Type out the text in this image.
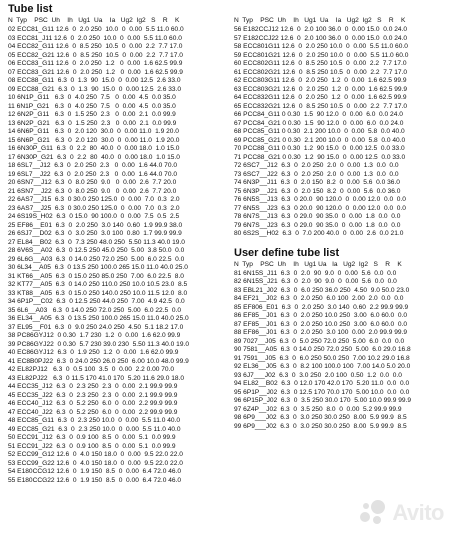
Tube list
N  Typ    PSC  Uh    Ih   Ug1  Ua    Ia   Ug2  Ig2   S    R    K
02 ECC81_G11 12.6  0  2.0 250  10.0  0  0.00  5.5 11.0 60.0
03 ECC81_J11 12.6  0  2.0 250  10.0  0  0.00  5.5 11.0 60.0
04 ECC82_G11 12.6  0  8.5 250  10.5  0  0.00  2.2  7.7 17.0
05 ECC82_G21 12.6  0  8.5 250  10.5  0  0.00  2.2  7.7 17.0
06 ECC83_G11 12.6  0  2.0 250  1.2   0  0.00  1.6 62.5 99.9
07 ECC83_G21 12.6  0  2.0 250  1.2   0  0.00  1.6 62.5 99.9
08 ECC88_G11  6.3  0  1.3  90  15.0  0  0.00 12.5  2.6 33.0
09 ECC88_G21  6.3  0  1.3  90  15.0  0  0.00 12.5  2.6 33.0
10 6N1P_G11   6.3  0  4.0 250  7.5   0  0.00  4.5  0.0 35.0
11 6N1P_G21   6.3  0  4.0 250  7.5   0  0.00  4.5  0.0 35.0
12 6N2P_G11   6.3  0  1.5 250  2.3   0  0.00  2.1  0.0 99.9
13 6N2P_G21   6.3  0  1.5 250  2.3   0  0.00  2.1  0.0 99.9
14 6N6P_G11   6.3  0  2.0 120  30.0  0  0.00 11.0  1.9 20.0
15 6N6P_G21   6.3  0  2.0 120  30.0  0  0.00 11.0  1.9 20.0
16 6N30P_G11  6.3  0  2.2  80  40.0  0  0.00 18.0  1.0 15.0
17 6N30P_G21  6.3  0  2.2  80  40.0  0  0.00 18.0  1.0 15.0
18 6SL7__J12  6.3  0  2.0 250  2.3   0  0.00  1.6 44.0 70.0
19 6SL7__J22  6.3  0  2.0 250  2.3   0  0.00  1.6 44.0 70.0
20 6SN7__J12  6.3  0  8.0 250  9.0   0  0.00  2.6  7.7 20.0
21 6SN7__J22  6.3  0  8.0 250  9.0   0  0.00  2.6  7.7 20.0
22 6AS7__J15  6.3  0 30.0 250 125.0  0  0.00  7.0  0.3  2.0
23 6AS7__J25  6.3  0 30.0 250 125.0  0  0.00  7.0  0.3  2.0
24 6S19S_H02  6.3  0 15.0  90 100.0  0  0.00  7.5  0.5  2.5
25 EF86__E01  6.3  0  2.0 250  3.0 140  0.60  1.9 99.9 38.0
26 6SJ7__D02  6.3  0  3.0 250  3.0 100  0.80  1.7 99.9 99.9
27 EL84__B02  6.3  0  7.3 250 48.0 250  5.50 11.3 40.0 19.0
28 6V6S__A02  6.3  0 12.5 250 45.0 250  5.00  3.8 50.0  0.0
29 6L6G__A03  6.3  0 14.0 250 72.0 250  5.00  6.0 22.5  0.0
30 6L34__A05  6.3  0 13.5 250 100.0 265 15.0 11.0 40.0 25.0
31 KT66__A05  6.3  0 15.0 250 85.0 250  7.00  6.0 22.5  8.0
32 KT77__A05  6.3  0 14.0 250 110.0 250 10.0 10.5 23.0  8.5
33 KT88__A05  6.3  0 15.0 250 140.0 250 10.0 11.5 12.0  8.0
34 6P1P__C02  6.3  0 12.5 250 44.0 250  7.00  4.9 42.5  0.0
35 6L6__A03   6.3  0 14.0 250 72.0 250  5.00  6.0 22.5  0.0
36 EL34__A05  6.3  0 13.5 250 100.0 265 15.0 11.0 40.0 25.0
37 EL95__F01  6.3  0  9.0 250 24.0 250  4.50  5.1 18.2 17.0
38 PC86GYJ12  0 0.30  1.7 230  1.2  0  0.00  1.6 62.0 99.9
39 PC86GYJ22  0 0.30  5.7 230 39.0 230  5.50 11.3 40.0 19.0
40 EC86GYJ12  6.3  0  1.9 250  1.2  0  0.00  1.6 62.0 99.9
41 EC8B0PJ22  6.3  0 24.0 250 26.0 250  6.00 10.0 48.0 99.9
42 EL82PJ12   6.3  0  0.5 100  3.5  0  0.00  2.2 0.00 70.0
43 EL82PJ22   6.3  0 11.5 170 41.0 170  5.20 11.6 29.0 18.0
44 ECC35_J12  6.3  0  2.3 250  2.3  0  0.00  2.1 99.9 99.9
45 ECC35_J22  6.3  0  2.3 250  2.3  0  0.00  2.1 99.9 99.9
46 ECC40_J12  6.3  0  5.2 250  6.0  0  0.00  2.2 99.9 99.9
47 ECC40_J22  6.3  0  5.2 250  6.0  0  0.00  2.2 99.9 99.9
48 ECC85_G11  6.3  0  2.3 250 10.0  0  0.00  5.5 11.0 40.0
49 ECC85_G21  6.3  0  2.3 250 10.0  0  0.00  5.5 11.0 40.0
50 ECC91_J12  6.3  0  0.9 100  8.5  0  0.00  5.1  0.0 99.9
51 ECC91_J22  6.3  0  0.9 100  8.5  0  0.00  5.1  0.0 99.9
52 ECC99_G12 12.6  0  4.0 150 18.0  0  0.00  9.5 22.0 22.0
53 ECC99_G22 12.6  0  4.0 150 18.0  0  0.00  9.5 22.0 22.0
54 E180CCG12 12.6  0  1.9 150  8.5  0  0.00  6.4 72.0 46.0
55 E180CCG22 12.6  0  1.9 150  8.5  0  0.00  6.4 72.0 46.0
N  Typ    PSC  Uh    Ih   Ug1  Ua    Ia   Ug2  Ig2   S    R    K
56 E182CCJ12 12.6  0  2.0 100 36.0  0  0.00 15.0  0.0 24.0
57 E182CCJ22 12.6  0  2.0 100 36.0  0  0.00 15.0  0.0 24.0
58 ECC801G11 12.6  0  2.0 250 10.0  0  0.00  5.5 11.0 60.0
59 ECC801G21 12.6  0  2.0 250 10.0  0  0.00  5.5 11.0 60.0
60 ECC802G11 12.6  0  8.5 250 10.5  0  0.00  2.2  7.7 17.0
61 ECC802G21 12.6  0  8.5 250 10.5  0  0.00  2.2  7.7 17.0
62 ECC803G11 12.6  0  2.0 250  1.2  0  0.00  1.6 62.5 99.9
63 ECC803G21 12.6  0  2.0 250  1.2  0  0.00  1.6 62.5 99.9
64 ECC832G11 12.6  0  2.0 250  1.2  0  0.00  1.6 62.5 99.9
65 ECC832G21 12.6  0  8.5 250 10.5  0  0.00  2.2  7.7 17.0
66 PCC84_G11 0 0.30  1.5  90 12.0  0  0.00  6.0  0.0 24.0
67 PCC84_G21 0 0.30  1.5  90 12.0  0  0.00  6.0  0.0 24.0
68 PCC85_G11 0 0.30  2.1 200 10.0  0  0.00  5.8  0.0 40.0
69 PCC85_G21 0 0.30  2.1 200 10.0  0  0.00  5.8  0.0 40.0
70 PCC88_G11 0 0.30  1.2  90 15.0  0  0.00 12.5  0.0 33.0
71 PCC88_G21 0 0.30  1.2  90 15.0  0  0.00 12.5  0.0 33.0
72 6SC7__J12  6.3  0  2.0 250  2.0  0  0.00  1.3  0.0  0.0
73 6SC7__J22  6.3  0  2.0 250  2.0  0  0.00  1.3  0.0  0.0
74 6N3P__J11  6.3  0  2.0 150  8.2  0  0.00  5.6  0.0 36.0
75 6N3P__J21  6.3  0  2.0 150  8.2  0  0.00  5.6  0.0 36.0
76 6N5S__J13  6.3  0 20.0  90 120.0  0  0.00 12.0  0.0  0.0
77 6N5S__J23  6.3  0 20.0  90 120.0  0  0.00 12.0  0.0  0.0
78 6N7S__J13  6.3  0 29.0  90 35.0  0  0.00  1.8  0.0  0.0
79 6N7S__J23  6.3  0 29.0  90 35.0  0  0.00  1.8  0.0  0.0
80 6S2S__H02  6.3  0  7.0 200 40.0  0  0.00  2.6  0.0 21.0
User define tube list
N  Typ    PSC  Uh    Ih   Ug1 Ua   Ia   Ug2  Ig2   S    R    K
81 6N15S_J11  6.3  0  2.0  90  9.0  0  0.00  5.6  0.0  0.0
82 6N15S_J21  6.3  0  2.0  90  9.0  0  0.00  5.6  0.0  0.0
83 EBL21_J02  6.3  0  6.0 250 36.0 250  4.50  9.0 50.0 23.0
84 EF21__J02  6.3  0  2.0 250  6.0 100  2.00  2.0  0.0  0.0
85 EF806_E01  6.3  0  2.0 250  3.0 140  0.60  2.2 99.9 99.9
86 EF85__J01  6.3  0  2.0 250 10.0 250  3.00  6.0 60.0  0.0
87 EF85__J01  6.3  0  2.0 250 10.0 250  3.00  6.0 60.0  0.0
88 EF86__J01  6.3  0  2.0 250  3.0 100  0.00  2.0 99.9 99.9
89 7027__J05  6.3  0  5.0 250 72.0 250  5.00  6.0  0.0  0.0
90 7581__A05  6.3  0 14.0 250 72.0 250  5.00  6.0 29.0 16.8
91 7591__J05  6.3  0  6.0 250 50.0 250  7.00 10.2 29.0 16.8
92 EL36__J05  6.3  0  8.2 100 100.0 100  7.00 14.0 5.0 20.0
93 6J7___J02  6.3  0  3.0 250  2.0 100  0.50  1.2  0.0  0.0
94 EL82__B02  6.3  0 12.0 170 42.0 170  5.20 11.0  0.0  0.0
95 6P1P__J02  6.3  0 12.5 170 70.0 170  5.00 10.0  0.0  0.0
96 6P15P_J02  6.3  0  3.5 250 30.0 170  5.00 10.0 99.9 99.9
97 6Z4P__J02  6.3  0  3.5 250  8.0  0  0.00  5.2 99.9 99.9
98 6P9___J02  6.3  0  3.0 250 30.0 250  8.00  5.9 99.9  8.5
99 6P9___J02  6.3  0  3.0 250 30.0 250  8.00  5.9 99.9  8.5
Avito
